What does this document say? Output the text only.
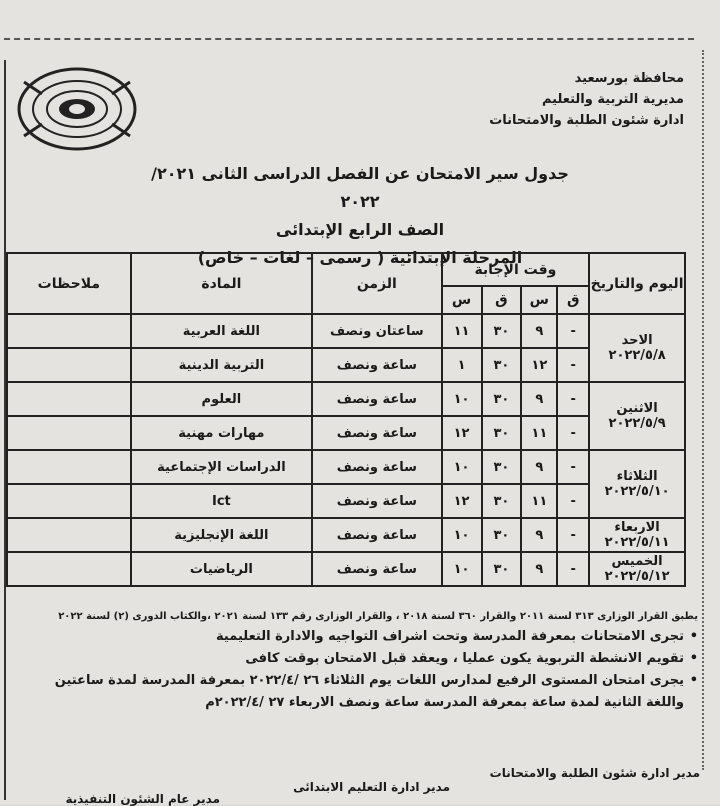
محافظة بورسعيد
مديرية التربية والتعليم
ادارة شئون الطلبة والامتحانات
جدول سير الامتحان عن الفصل الدراسى الثانى ٢٠٢١/ ٢٠٢٢
الصف الرابع الإبتدائى
المرحلة الإبتدائية ( رسمى – لغات – خاص)
اليوم والتاريخ	وقت الإجابة				الزمن	المادة	ملاحظات
	ق	س	ق	س			

الاحد
٢٠٢٢/٥/٨	-	٩	٣٠	١١	ساعتان ونصف	اللغة العربية	
	-	١٢	٣٠	١	ساعة ونصف	التربية الدينية	

الاثنين
٢٠٢٢/٥/٩	-	٩	٣٠	١٠	ساعة ونصف	العلوم	
	-	١١	٣٠	١٢	ساعة ونصف	مهارات مهنية	

الثلاثاء
٢٠٢٢/٥/١٠	-	٩	٣٠	١٠	ساعة ونصف	الدراسات الإجتماعية	
	-	١١	٣٠	١٢	ساعة ونصف	Ict	

الاربعاء
٢٠٢٢/٥/١١	-	٩	٣٠	١٠	ساعة ونصف	اللغة الإنجليزية	

الخميس
٢٠٢٢/٥/١٢	-	٩	٣٠	١٠	ساعة ونصف	الرياضيات	
يطبق القرار الوزارى ٣١٣ لسنة ٢٠١١ والقرار ٣٦٠ لسنة ٢٠١٨ ، والقرار الوزارى رقم ١٣٣ لسنة ٢٠٢١ ،والكتاب الدورى (٢) لسنة ٢٠٢٢
• تجرى الامتحانات بمعرفة المدرسة وتحت اشراف التواجيه والادارة التعليمية
• تقويم الانشطة التربوية يكون عمليا ، ويعقد قبل الامتحان بوقت كافى
• يجرى امتحان المستوى الرفيع لمدارس اللغات يوم الثلاثاء ٢٦ /٢٠٢٢/٤ بمعرفة المدرسة لمدة ساعتين
واللغة الثانية لمدة ساعة بمعرفة المدرسة ساعة ونصف الاربعاء ٢٧ /٢٠٢٢/٤م
مدير ادارة شئون الطلبة والامتحانات
مدير ادارة التعليم الابتدائى
مدير عام الشئون التنفيذية
